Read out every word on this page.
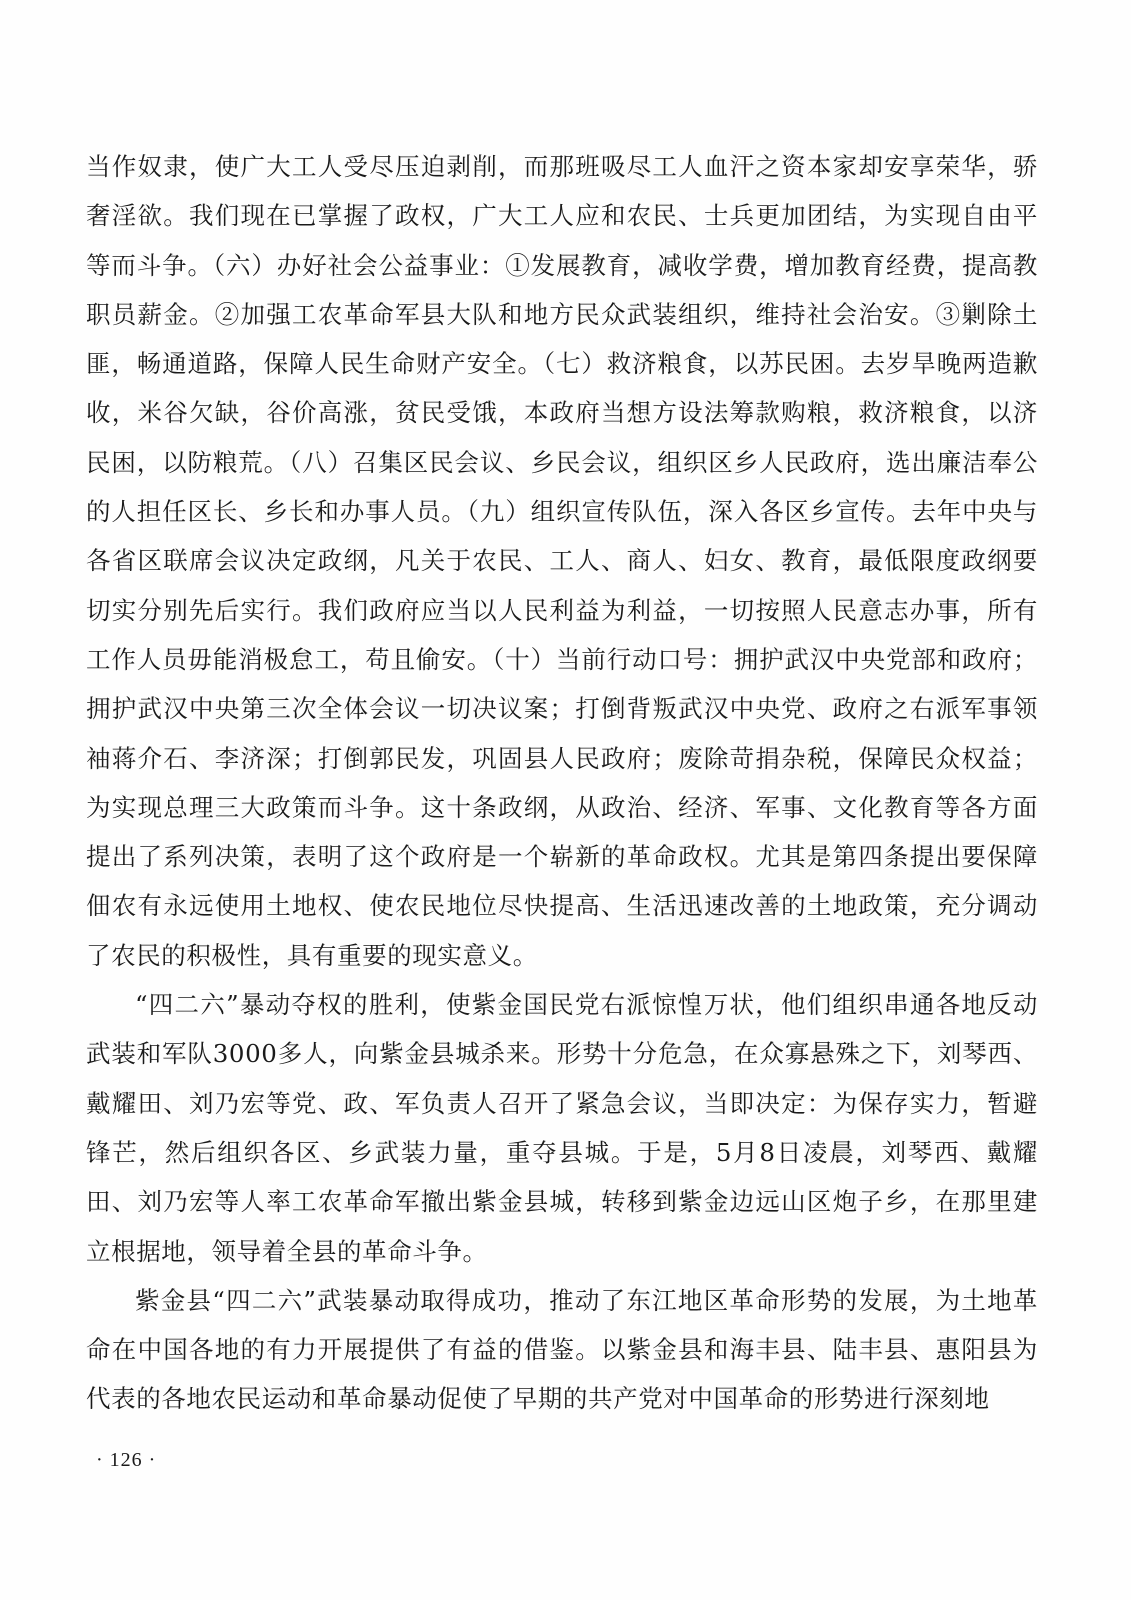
当作奴隶，使广大工人受尽压迫剥削，而那班吸尽工人血汗之资本家却安享荣华，骄奢淫欲。我们现在已掌握了政权，广大工人应和农民、士兵更加团结，为实现自由平等而斗争。（六）办好社会公益事业：①发展教育，减收学费，增加教育经费，提高教职员薪金。②加强工农革命军县大队和地方民众武装组织，维持社会治安。③剿除土匪，畅通道路，保障人民生命财产安全。（七）救济粮食，以苏民困。去岁旱晚两造歉收，米谷欠缺，谷价高涨，贫民受饿，本政府当想方设法筹款购粮，救济粮食，以济民困，以防粮荒。（八）召集区民会议、乡民会议，组织区乡人民政府，选出廉洁奉公的人担任区长、乡长和办事人员。（九）组织宣传队伍，深入各区乡宣传。去年中央与各省区联席会议决定政纲，凡关于农民、工人、商人、妇女、教育，最低限度政纲要切实分别先后实行。我们政府应当以人民利益为利益，一切按照人民意志办事，所有工作人员毋能消极怠工，苟且偷安。（十）当前行动口号：拥护武汉中央党部和政府；拥护武汉中央第三次全体会议一切决议案；打倒背叛武汉中央党、政府之右派军事领袖蒋介石、李济深；打倒郭民发，巩固县人民政府；废除苛捐杂税，保障民众权益；为实现总理三大政策而斗争。这十条政纲，从政治、经济、军事、文化教育等各方面提出了系列决策，表明了这个政府是一个崭新的革命政权。尤其是第四条提出要保障佃农有永远使用土地权、使农民地位尽快提高、生活迅速改善的土地政策，充分调动了农民的积极性，具有重要的现实意义。

“四二六”暴动夺权的胜利，使紫金国民党右派惊惶万状，他们组织串通各地反动武装和军队3000多人，向紫金县城杀来。形势十分危急，在众寡悬殊之下，刘琴西、戴耀田、刘乃宏等党、政、军负责人召开了紧急会议，当即决定：为保存实力，暂避锋芒，然后组织各区、乡武装力量，重夺县城。于是，5月8日凌晨，刘琴西、戴耀田、刘乃宏等人率工农革命军撤出紫金县城，转移到紫金边远山区炮子乡，在那里建立根据地，领导着全县的革命斗争。

紫金县“四二六”武装暴动取得成功，推动了东江地区革命形势的发展，为土地革命在中国各地的有力开展提供了有益的借鉴。以紫金县和海丰县、陆丰县、惠阳县为代表的各地农民运动和革命暴动促使了早期的共产党对中国革命的形势进行深刻地

· 126 ·
